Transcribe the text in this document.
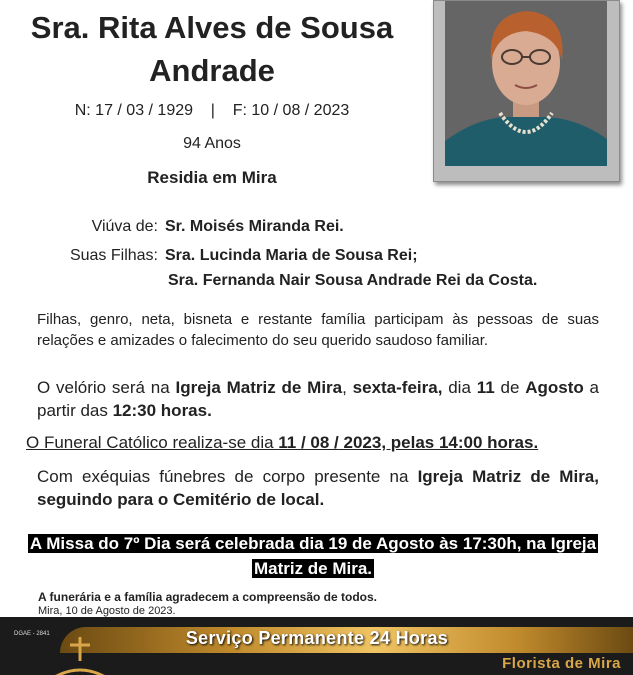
Sra. Rita Alves de Sousa
Andrade
N: 17 / 03 / 1929    |    F: 10 / 08 / 2023
94 Anos
Residia em Mira
Viúva de: Sr. Moisés Miranda Rei.
Suas Filhas: Sra. Lucinda Maria de Sousa Rei;
Sra. Fernanda Nair Sousa Andrade Rei da Costa.
Filhas, genro, neta, bisneta e restante família participam às pessoas de suas relações e amizades o falecimento do seu querido saudoso familiar.
O velório será na Igreja Matriz de Mira, sexta-feira, dia 11 de Agosto a partir das 12:30 horas.
O Funeral Católico realiza-se dia 11 / 08 / 2023, pelas 14:00 horas.
Com exéquias fúnebres de corpo presente na Igreja Matriz de Mira, seguindo para o Cemitério de local.
A Missa do 7º Dia será celebrada dia 19 de Agosto às 17:30h, na Igreja Matriz de Mira.
A funerária e a família agradecem a compreensão de todos.
Mira, 10 de Agosto de 2023.
DGAE - 2841	Serviço Permanente 24 Horas
Florista de Mira
